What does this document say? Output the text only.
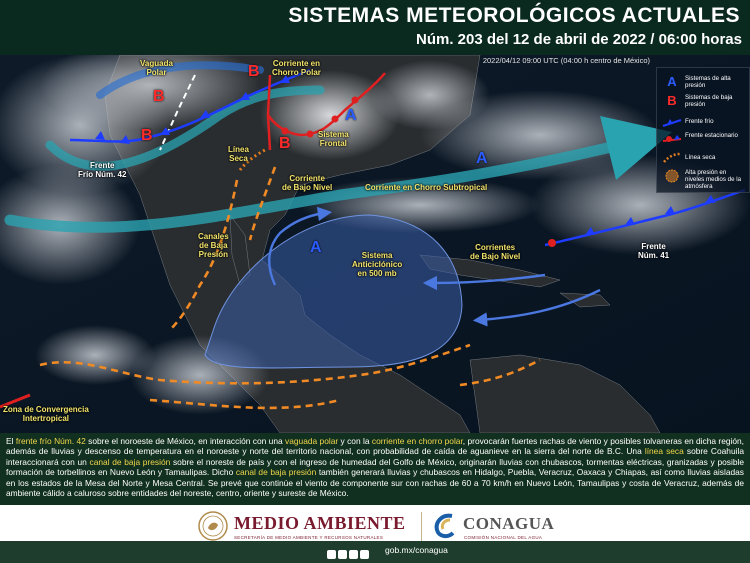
SISTEMAS METEOROLÓGICOS ACTUALES
Núm. 203 del 12 de abril de 2022 / 06:00 horas
B
B
B	B
A
A
A
Vaguada
Polar
Corriente en
Chorro Polar
Frente
Frío Núm. 42
Línea
Seca
Sistema
Frontal
Corriente
de Bajo Nivel	Corriente en Chorro Subtropical
Canales
de Baja
Presión	Sistema
Anticiclónico
en 500 mb
Corrientes
de Bajo Nivel
Frente
Núm. 41
Zona de Convergencia
Intertropical
2022/04/12 09:00 UTC (04:00 h centro de México)
A	Sistemas de alta presión
B	Sistemas de baja presión
Frente frío
Frente estacionario
Línea seca
Alta presión en niveles medios de la atmósfera
El frente frío Núm. 42 sobre el noroeste de México, en interacción con una vaguada polar y con la corriente en chorro polar, provocarán fuertes rachas de viento y posibles tolvaneras en dicha región, además de lluvias y descenso de temperatura en el noroeste y norte del territorio nacional, con probabilidad de caída de aguanieve en la sierra del norte de B.C. Una línea seca sobre Coahuila interaccionará con un canal de baja presión sobre el noreste de país y con el ingreso de humedad del Golfo de México, originarán lluvias con chubascos, tormentas eléctricas, granizadas y posible formación de torbellinos en Nuevo León y Tamaulipas. Dicho canal de baja presión también generará lluvias y chubascos en Hidalgo, Puebla, Veracruz, Oaxaca y Chiapas, así como lluvias aisladas en los estados de la Mesa del Norte y Mesa Central. Se prevé que continúe el viento de componente sur con rachas de 60 a 70 km/h en Nuevo León, Tamaulipas y costa de Veracruz, además de ambiente cálido a caluroso sobre entidades del noreste, centro, oriente y sureste de México.
MEDIO AMBIENTE
SECRETARÍA DE MEDIO AMBIENTE Y RECURSOS NATURALES
CONAGUA
COMISIÓN NACIONAL DEL AGUA
gob.mx/conagua
